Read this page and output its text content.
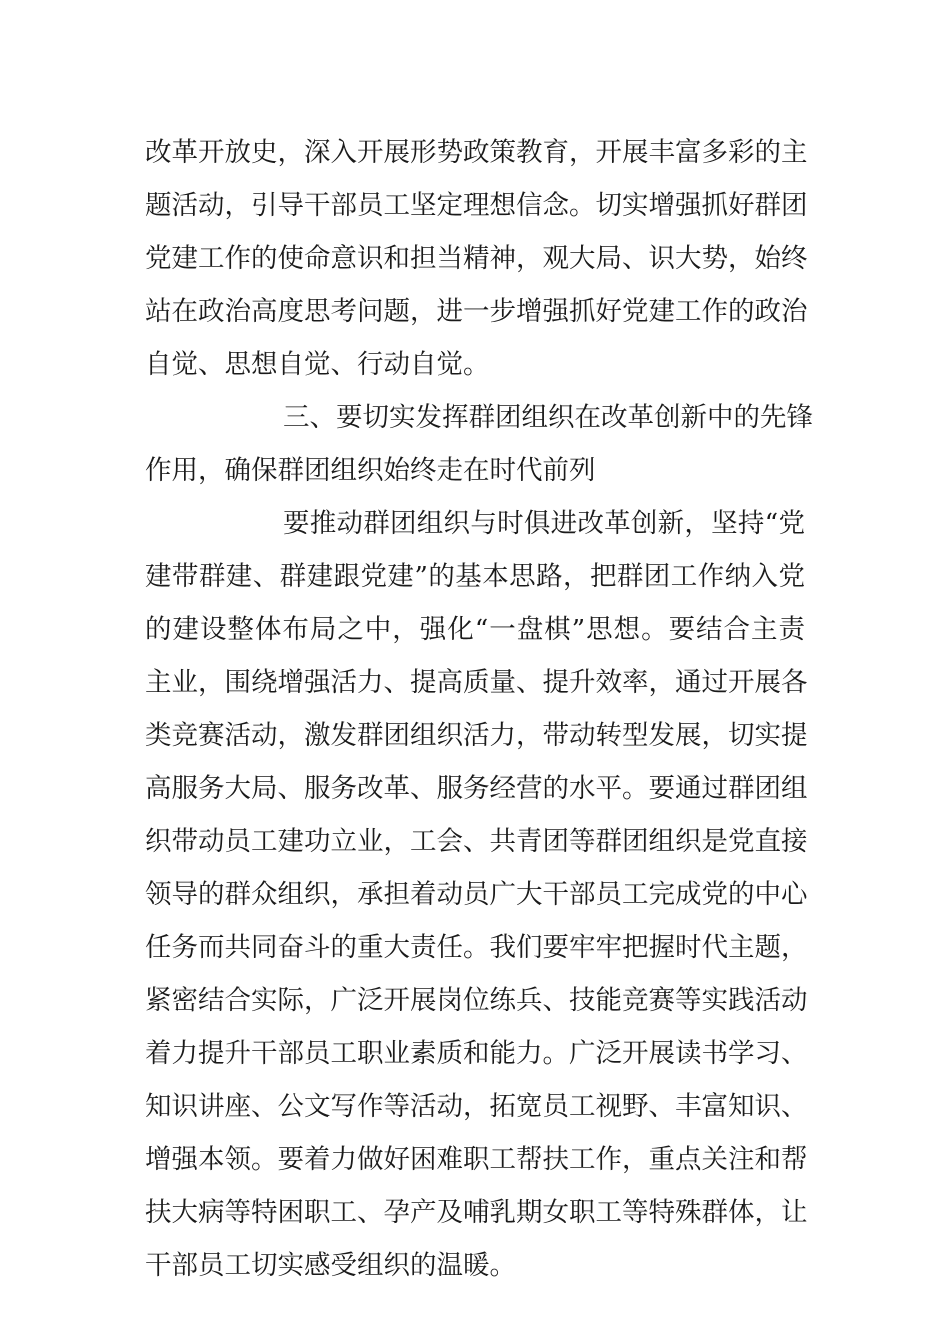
改革开放史，深入开展形势政策教育，开展丰富多彩的主
题活动，引导干部员工坚定理想信念。切实增强抓好群团
党建工作的使命意识和担当精神，观大局、识大势，始终
站在政治高度思考问题，进一步增强抓好党建工作的政治
自觉、思想自觉、行动自觉。
三、要切实发挥群团组织在改革创新中的先锋
作用，确保群团组织始终走在时代前列
要推动群团组织与时俱进改革创新，坚持“党
建带群建、群建跟党建”的基本思路，把群团工作纳入党
的建设整体布局之中，强化“一盘棋”思想。要结合主责
主业，围绕增强活力、提高质量、提升效率，通过开展各
类竞赛活动，激发群团组织活力，带动转型发展，切实提
高服务大局、服务改革、服务经营的水平。要通过群团组
织带动员工建功立业，工会、共青团等群团组织是党直接
领导的群众组织，承担着动员广大干部员工完成党的中心
任务而共同奋斗的重大责任。我们要牢牢把握时代主题，
紧密结合实际，广泛开展岗位练兵、技能竞赛等实践活动
着力提升干部员工职业素质和能力。广泛开展读书学习、
知识讲座、公文写作等活动，拓宽员工视野、丰富知识、
增强本领。要着力做好困难职工帮扶工作，重点关注和帮
扶大病等特困职工、孕产及哺乳期女职工等特殊群体，让
干部员工切实感受组织的温暖。
